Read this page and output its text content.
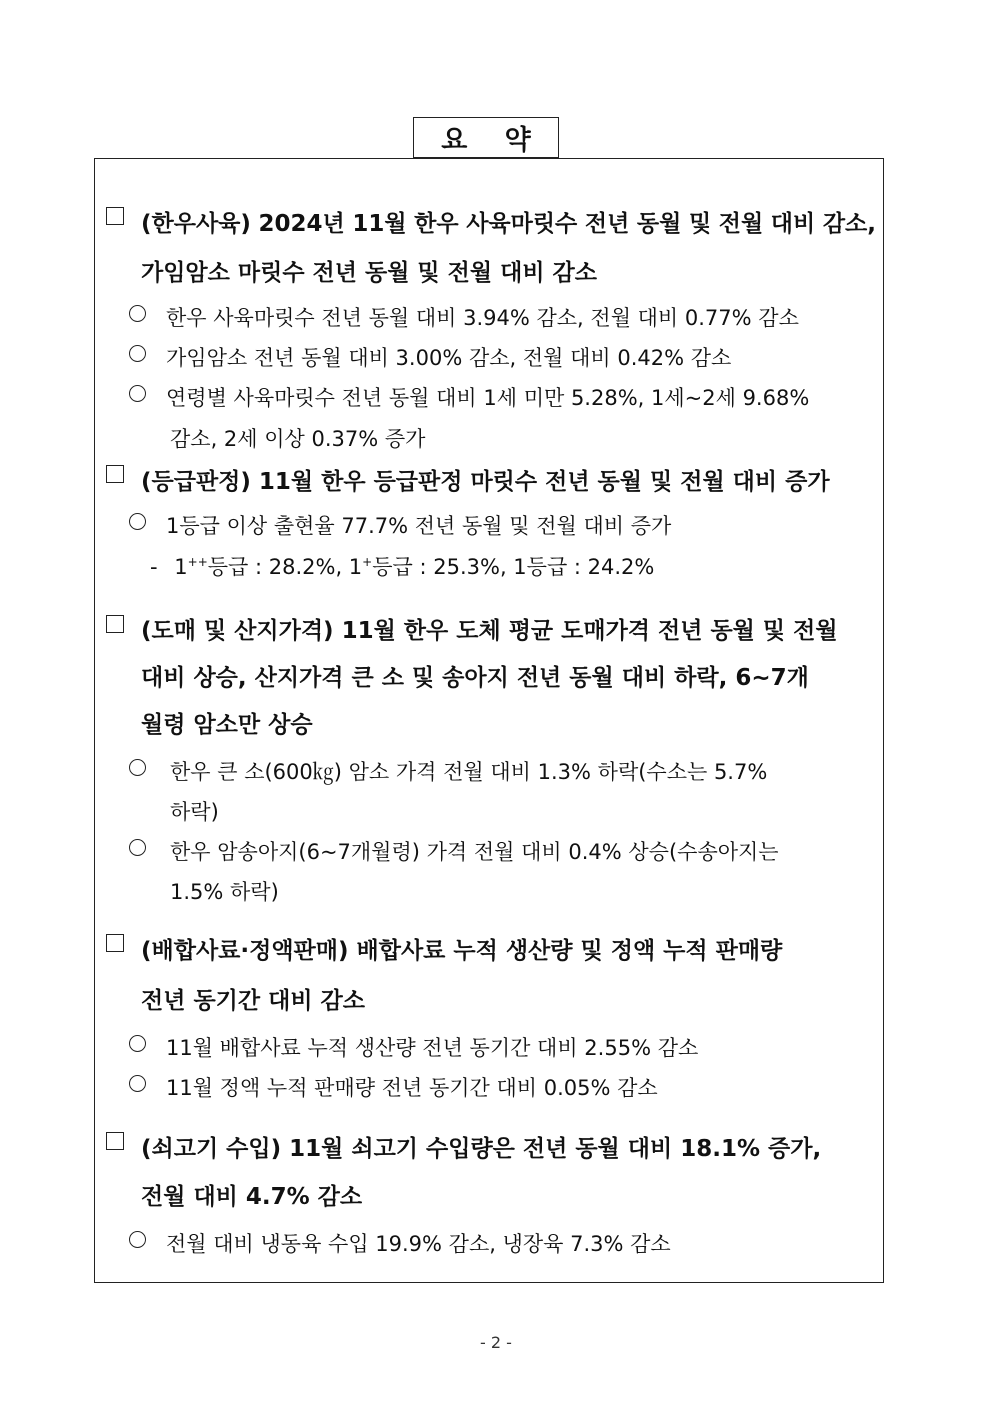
요 약
(한우사육) 2024년 11월 한우 사육마릿수 전년 동월 및 전월 대비 감소,
가임암소 마릿수 전년 동월 및 전월 대비 감소
한우 사육마릿수 전년 동월 대비 3.94% 감소, 전월 대비 0.77% 감소
가임암소 전년 동월 대비 3.00% 감소, 전월 대비 0.42% 감소
연령별 사육마릿수 전년 동월 대비 1세 미만 5.28%, 1세~2세 9.68%
감소, 2세 이상 0.37% 증가
(등급판정) 11월 한우 등급판정 마릿수 전년 동월 및 전월 대비 증가
1등급 이상 출현율 77.7% 전년 동월 및 전월 대비 증가
- 1++등급 : 28.2%, 1+등급 : 25.3%, 1등급 : 24.2%
(도매 및 산지가격) 11월 한우 도체 평균 도매가격 전년 동월 및 전월
대비 상승, 산지가격 큰 소 및 송아지 전년 동월 대비 하락, 6~7개
월령 암소만 상승
한우 큰 소(600㎏) 암소 가격 전월 대비 1.3% 하락(수소는 5.7%
하락)
한우 암송아지(6~7개월령) 가격 전월 대비 0.4% 상승(수송아지는
1.5% 하락)
(배합사료·정액판매) 배합사료 누적 생산량 및 정액 누적 판매량
전년 동기간 대비 감소
11월 배합사료 누적 생산량 전년 동기간 대비 2.55% 감소
11월 정액 누적 판매량 전년 동기간 대비 0.05% 감소
(쇠고기 수입) 11월 쇠고기 수입량은 전년 동월 대비 18.1% 증가,
전월 대비 4.7% 감소
전월 대비 냉동육 수입 19.9% 감소, 냉장육 7.3% 감소
- 2 -
